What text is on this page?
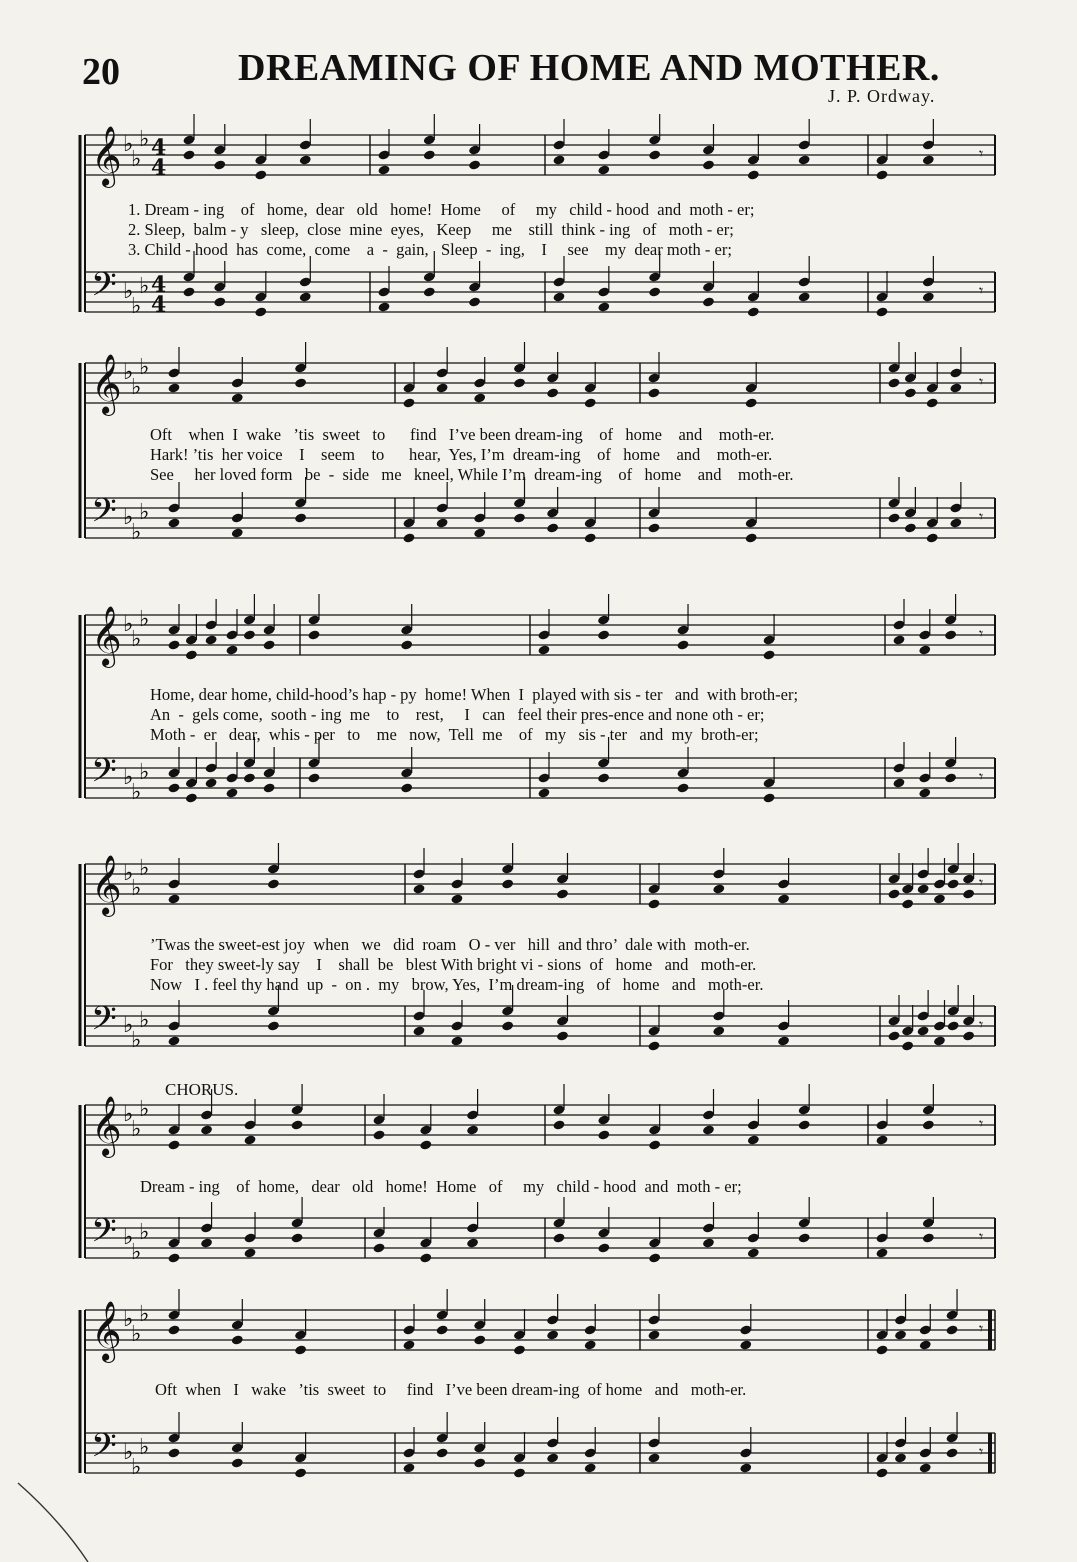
20	DREAMING OF HOME AND MOTHER.
J. P. Ordway.
𝄞 ♭
♭
♭ 4
4
𝄾
𝄢 ♭
♭
♭ 4
4
𝄾
𝄞 ♭
♭
♭
𝄾
𝄢 ♭
♭
♭	𝄾
𝄞 ♭
♭
♭
𝄾
𝄢 ♭
♭
♭	𝄾
𝄞 ♭
♭
♭
𝄾
𝄢 ♭
♭
♭	𝄾
𝄞 ♭
♭
♭
𝄾
𝄢 ♭
♭
♭	𝄾
𝄞 ♭
♭
♭
𝄾
𝄢 ♭
♭
♭	𝄾
CHORUS.
1. Dream - ing    of   home,  dear   old   home!  Home     of     my   child - hood  and  moth - er;
2. Sleep,  balm - y   sleep,  close  mine  eyes,   Keep     me    still  think - ing   of   moth - er;
3. Child - hood  has  come,  come    a  -  gain,   Sleep  -  ing,    I     see    my  dear moth - er;
Oft    when  I  wake   ’tis  sweet   to      find   I’ve been dream-ing    of   home    and    moth-er.
Hark! ’tis  her voice    I    seem    to      hear,  Yes, I’m  dream-ing    of   home    and    moth-er.
See     her loved form   be  -  side   me   kneel, While I’m  dream-ing    of   home    and    moth-er.
Home, dear home, child-hood’s hap - py  home! When  I  played with sis - ter   and  with broth-er;
An  -  gels come,  sooth - ing  me    to    rest,     I   can   feel their pres-ence and none oth - er;
Moth -  er   dear,  whis - per   to    me   now,  Tell  me    of   my   sis - ter   and  my  broth-er;
’Twas the sweet-est joy  when   we   did  roam   O - ver   hill  and thro’  dale with  moth-er.
For   they sweet-ly say    I    shall  be   blest With bright vi - sions  of   home   and   moth-er.
Now   I . feel thy hand  up  -  on .  my   brow, Yes,  I’m dream-ing   of   home   and   moth-er.
Dream - ing    of  home,   dear   old   home!  Home   of     my   child - hood  and  moth - er;
Oft  when   I   wake   ’tis  sweet  to     find   I’ve been dream-ing  of home   and   moth-er.
